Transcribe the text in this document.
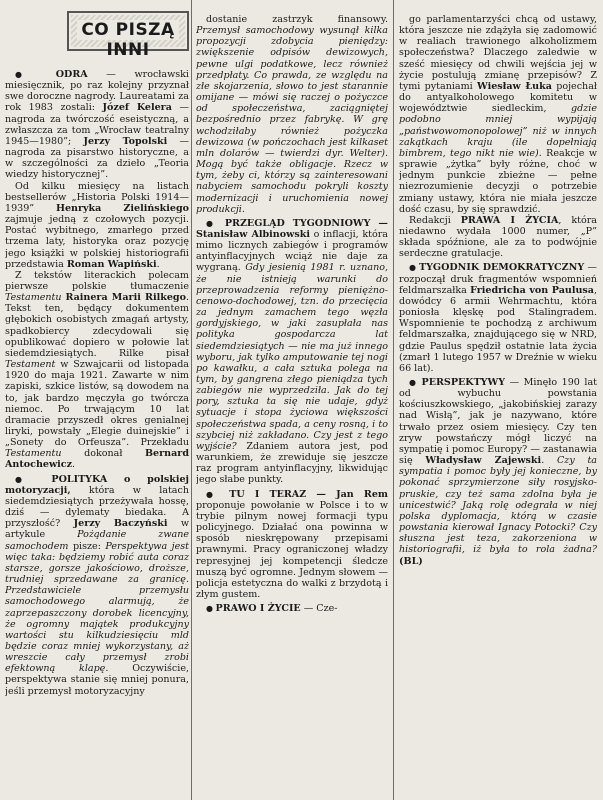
CO PISZĄ INNI

● ODRA — wrocławski miesięcznik, po raz kolejny przyznał swe doroczne nagrody. Laureatami za rok 1983 zostali: Józef Kelera — nagroda za twórczość eseistyczną, a zwłaszcza za tom „Wrocław teatralny 1945—1980”; Jerzy Topolski — nagroda za pisarstwo historyczne, a w szczególności za dzieło „Teoria wiedzy historycznej”.

Od kilku miesięcy na listach bestsellerów „Historia Polski 1914—1939” Henryka Zielińskiego zajmuje jedną z czołowych pozycji. Postać wybitnego, zmarłego przed trzema laty, historyka oraz pozycję jego książki w polskiej historiografii przedstawia Roman Wapiński.

Z tekstów literackich polecam pierwsze polskie tłumaczenie Testamentu Rainera Marii Rilkego. Tekst ten, będący dokumentem głębokich osobistych zmagań artysty, spadkobiercy zdecydowali się opublikować dopiero w połowie lat siedemdziesiątych. Rilke pisał Testament w Szwajcarii od listopada 1920 do maja 1921. Zawarte w nim zapiski, szkice listów, są dowodem na to, jak bardzo męczyła go twórcza niemoc. Po trwającym 10 lat dramacie przyszedł okres genialnej liryki, powstały „Elegie duinejskie” i „Sonety do Orfeusza”. Przekładu Testamentu dokonał Bernard Antochewicz.

● POLITYKA o polskiej motoryzacji, która w latach siedemdziesiątych przeżywała hossę, dziś — dylematy biedaka. A przyszłość? Jerzy Baczyński w artykule Pożądanie zwane samochodem pisze: Perspektywa jest więc taka: będziemy robić auta coraz starsze, gorsze jakościowo, droższe, trudniej sprzedawane za granicę. Przedstawiciele przemysłu samochodowego alarmują, że zaprzepaszczony dorobek licencyjny, że ogromny majątek produkcyjny wartości stu kilkudziesięciu mld będzie coraz mniej wykorzystany, aż wreszcie cały przemysł zrobi efektowną klapę. Oczywiście, perspektywa stanie się mniej ponura, jeśli przemysł motoryzacyjny

dostanie zastrzyk finansowy. Przemysł samochodowy wysunął kilka propozycji zdobycia pieniędzy: zwiększenie odpisów dewizowych, pewne ulgi podatkowe, lecz również przedpłaty. Co prawda, ze względu na złe skojarzenia, słowo to jest starannie omijane — mówi się raczej o pożyczce od społeczeństwa, zaciągniętej bezpośrednio przez fabrykę. W grę wchodziłaby również pożyczka dewizowa (w pończochach jest kilkaset mln dolarów — twierdzi dyr. Welter). Mogą być także obligacje. Rzecz w tym, żeby ci, którzy są zainteresowani nabyciem samochodu pokryli koszty modernizacji i uruchomienia nowej produkcji.

● PRZEGLĄD TYGODNIOWY — Stanisław Albinowski o inflacji, która mimo licznych zabiegów i programów antyinflacyjnych wciąż nie daje za wygraną. Gdy jesienią 1981 r. uznano, że nie istnieją warunki do przeprowadzenia reformy pieniężno-cenowo-dochodowej, tzn. do przecięcia za jednym zamachem tego węzła gordyjskiego, w jaki zasupłała nas polityka gospodarcza lat siedemdziesiątych — nie ma już innego wyboru, jak tylko amputowanie tej nogi po kawałku, a cała sztuka polega na tym, by gangrena złego pieniądza tych zabiegów nie wyprzedziła. Jak do tej pory, sztuka ta się nie udaje, gdyż sytuacje i stopa życiowa większości społeczeństwa spada, a ceny rosną, i to szybciej niż zakładano. Czy jest z tego wyjście? Zdaniem autora jest, pod warunkiem, że zrewiduje się jeszcze raz program antyinflacyjny, likwidując jego słabe punkty.

● TU I TERAZ — Jan Rem proponuje powołanie w Polsce i to w trybie pilnym nowej formacji typu policyjnego. Działać ona powinna w sposób nieskrępowany przepisami prawnymi. Pracy ograniczonej władzy represyjnej jej kompetencji śledcze muszą być ogromne. Jednym słowem — policja estetyczna do walki z brzydotą i złym gustem.

● PRAWO I ŻYCIE — Cze-

go parlamentarzyści chcą od ustawy, która jeszcze nie zdążyła się zadomowić w realiach trawionego alkoholizmem społeczeństwa? Dlaczego zaledwie w sześć miesięcy od chwili wejścia jej w życie postulują zmianę przepisów? Z tymi pytaniami Wiesław Łuka pojechał do antyalkoholowego komitetu w województwie siedleckim, gdzie podobno mniej wypijają „państwowomonopolowej” niż w innych zakątkach kraju (ile dopełniają bimbrem, tego nikt nie wie). Reakcje w sprawie „żytka” były różne, choć w jednym punkcie zbieżne — pełne niezrozumienie decyzji o potrzebie zmiany ustawy, która nie miała jeszcze dość czasu, by się sprawdzić.

Redakcji PRAWA I ŻYCIA, która niedawno wydała 1000 numer, „P” składa spóźnione, ale za to podwójnie serdeczne gratulacje.

● TYGODNIK DEMOKRATYCZNY — rozpoczął druk fragmentów wspomnień feldmarszałka Friedricha von Paulusa, dowódcy 6 armii Wehrmachtu, która poniosła klęskę pod Stalingradem. Wspomnienie te pochodzą z archiwum feldmarszałka, znajdującego się w NRD, gdzie Paulus spędził ostatnie lata życia (zmarł 1 lutego 1957 w Dreźnie w wieku 66 lat).

● PERSPEKTYWY — Minęło 190 lat od wybuchu powstania kościuszkowskiego, „jakobińskiej zarazy nad Wisłą”, jak je nazywano, które trwało przez osiem miesięcy. Czy ten zryw powstańczy mógł liczyć na sympatię i pomoc Europy? — zastanawia się Władysław Zajewski. Czy ta sympatia i pomoc były jej konieczne, by pokonać sprzymierzone siły rosyjsko-pruskie, czy też sama zdolna była je unicestwić? Jaką rolę odegrała w niej polska dyplomacja, którą w czasie powstania kierował Ignacy Potocki? Czy słuszna jest teza, zakorzeniona w historiografii, iż była to rola żadna? (BL)
